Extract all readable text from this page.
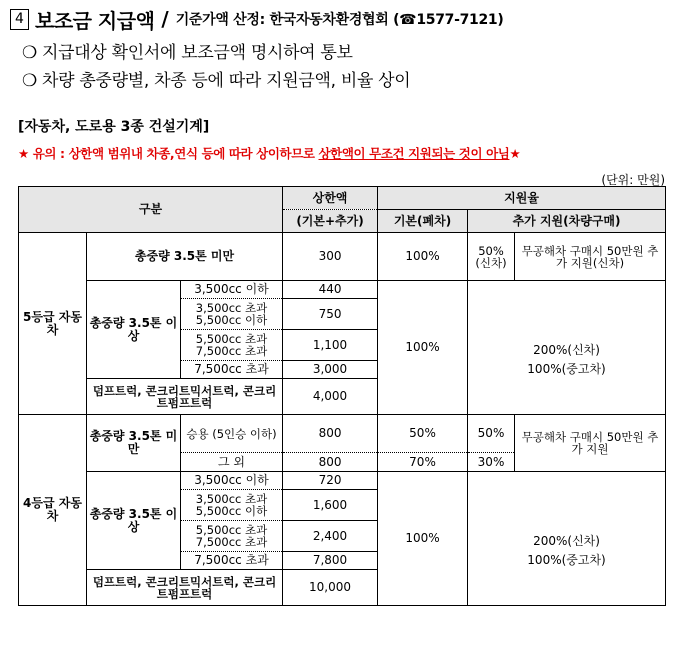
4 보조금 지급액 / 기준가액 산정: 한국자동차환경협회 (☎1577-7121)
❍ 지급대상 확인서에 보조금액 명시하여 통보
❍ 차량 총중량별, 차종 등에 따라 지원금액, 비율 상이
[자동차, 도로용 3종 건설기계]
★ 유의 : 상한액 범위내 차종,연식 등에 따라 상이하므로 상한액이 무조건 지원되는 것이 아님★
(단위: 만원)
구분			상한액	지원율		
			(기본+추가)	기본(폐차)	추가 지원(차량구매)	
5등급 자동차	총중량 3.5톤 미만		300	100%	50% (신차)	무공해차 구매시 50만원 추가 지원(신차)
	총중량 3.5톤 이상	3,500cc 이하	440	100%	200%(신차)	
		3,500cc 초과 5,500cc 이하	750			
		5,500cc 초과 7,500cc 초과	1,100			
		7,500cc 초과	3,000		100%(중고차)	

	덤프트럭, 콘크리트믹서트럭, 콘크리트펌프트럭		4,000			
4등급 자동차	총중량 3.5톤 미만	승용 (5인승 이하)	800	50%	50%	무공해차 구매시 50만원 추가 지원
		그 외	800	70%	30%	
	총중량 3.5톤 이상	3,500cc 이하	720	100%	200%(신차)	
		3,500cc 초과 5,500cc 이하	1,600			
		5,500cc 초과 7,500cc 초과	2,400			
		7,500cc 초과	7,800		100%(중고차)	

	덤프트럭, 콘크리트믹서트럭, 콘크리트펌프트럭		10,000			
